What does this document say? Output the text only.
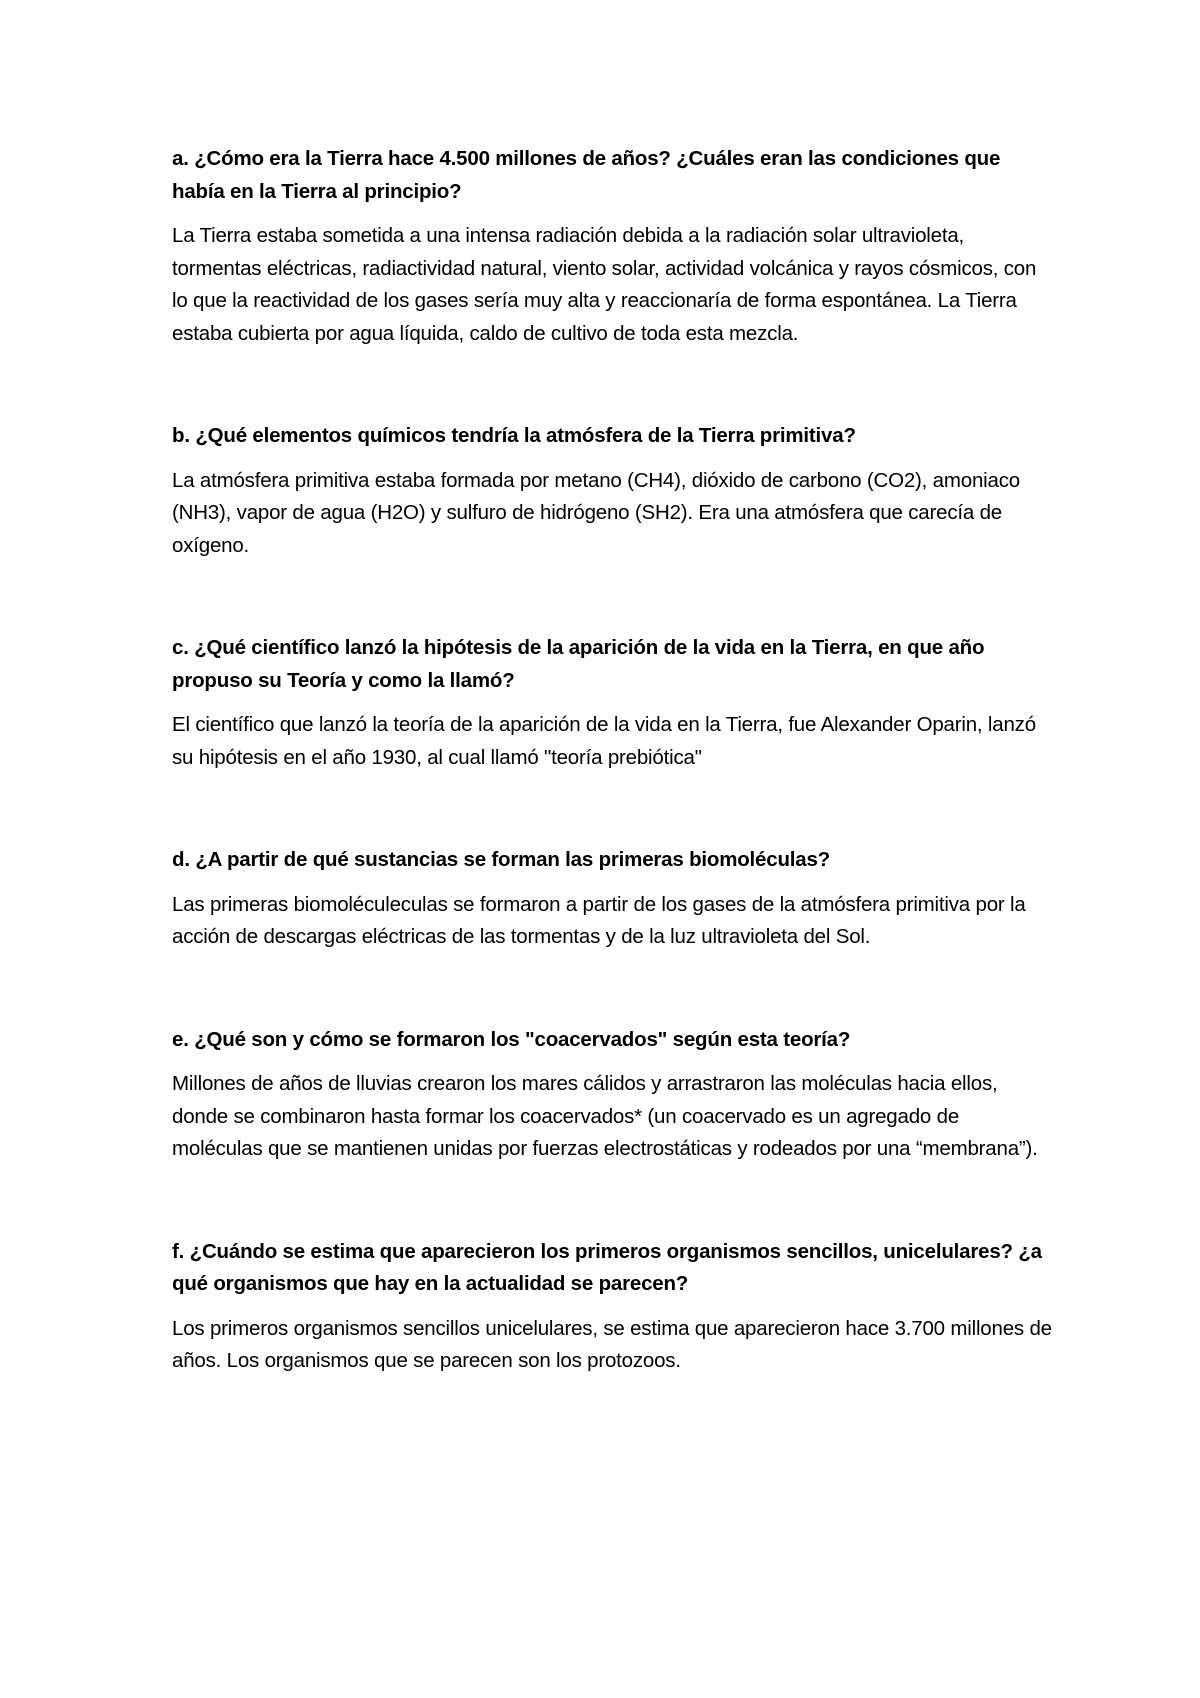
a. ¿Cómo era la Tierra hace 4.500 millones de años? ¿Cuáles eran las condiciones que había en la Tierra al principio?

La Tierra estaba sometida a una intensa radiación debida a la radiación solar ultravioleta, tormentas eléctricas, radiactividad natural, viento solar, actividad volcánica y rayos cósmicos, con lo que la reactividad de los gases sería muy alta y reaccionaría de forma espontánea. La Tierra estaba cubierta por agua líquida, caldo de cultivo de toda esta mezcla.

b. ¿Qué elementos químicos tendría la atmósfera de la Tierra primitiva?

La atmósfera primitiva estaba formada por metano (CH4), dióxido de carbono (CO2), amoniaco (NH3), vapor de agua (H2O) y sulfuro de hidrógeno (SH2). Era una atmósfera que carecía de oxígeno.

c. ¿Qué científico lanzó la hipótesis de la aparición de la vida en la Tierra, en que año propuso su Teoría y como la llamó?

El científico que lanzó la teoría de la aparición de la vida en la Tierra, fue Alexander Oparin, lanzó su hipótesis en el año 1930, al cual llamó "teoría prebiótica"

d. ¿A partir de qué sustancias se forman las primeras biomoléculas?

Las primeras biomoléculeculas se formaron a partir de los gases de la atmósfera primitiva por la acción de descargas eléctricas de las tormentas y de la luz ultravioleta del Sol.

e. ¿Qué son y cómo se formaron los "coacervados" según esta teoría?

Millones de años de lluvias crearon los mares cálidos y arrastraron las moléculas hacia ellos, donde se combinaron hasta formar los coacervados* (un coacervado es un agregado de moléculas que se mantienen unidas por fuerzas electrostáticas y rodeados por una “membrana”).

f. ¿Cuándo se estima que aparecieron los primeros organismos sencillos, unicelulares? ¿a qué organismos que hay en la actualidad se parecen?

Los primeros organismos sencillos unicelulares, se estima que aparecieron hace 3.700 millones de años. Los organismos que se parecen son los protozoos.
